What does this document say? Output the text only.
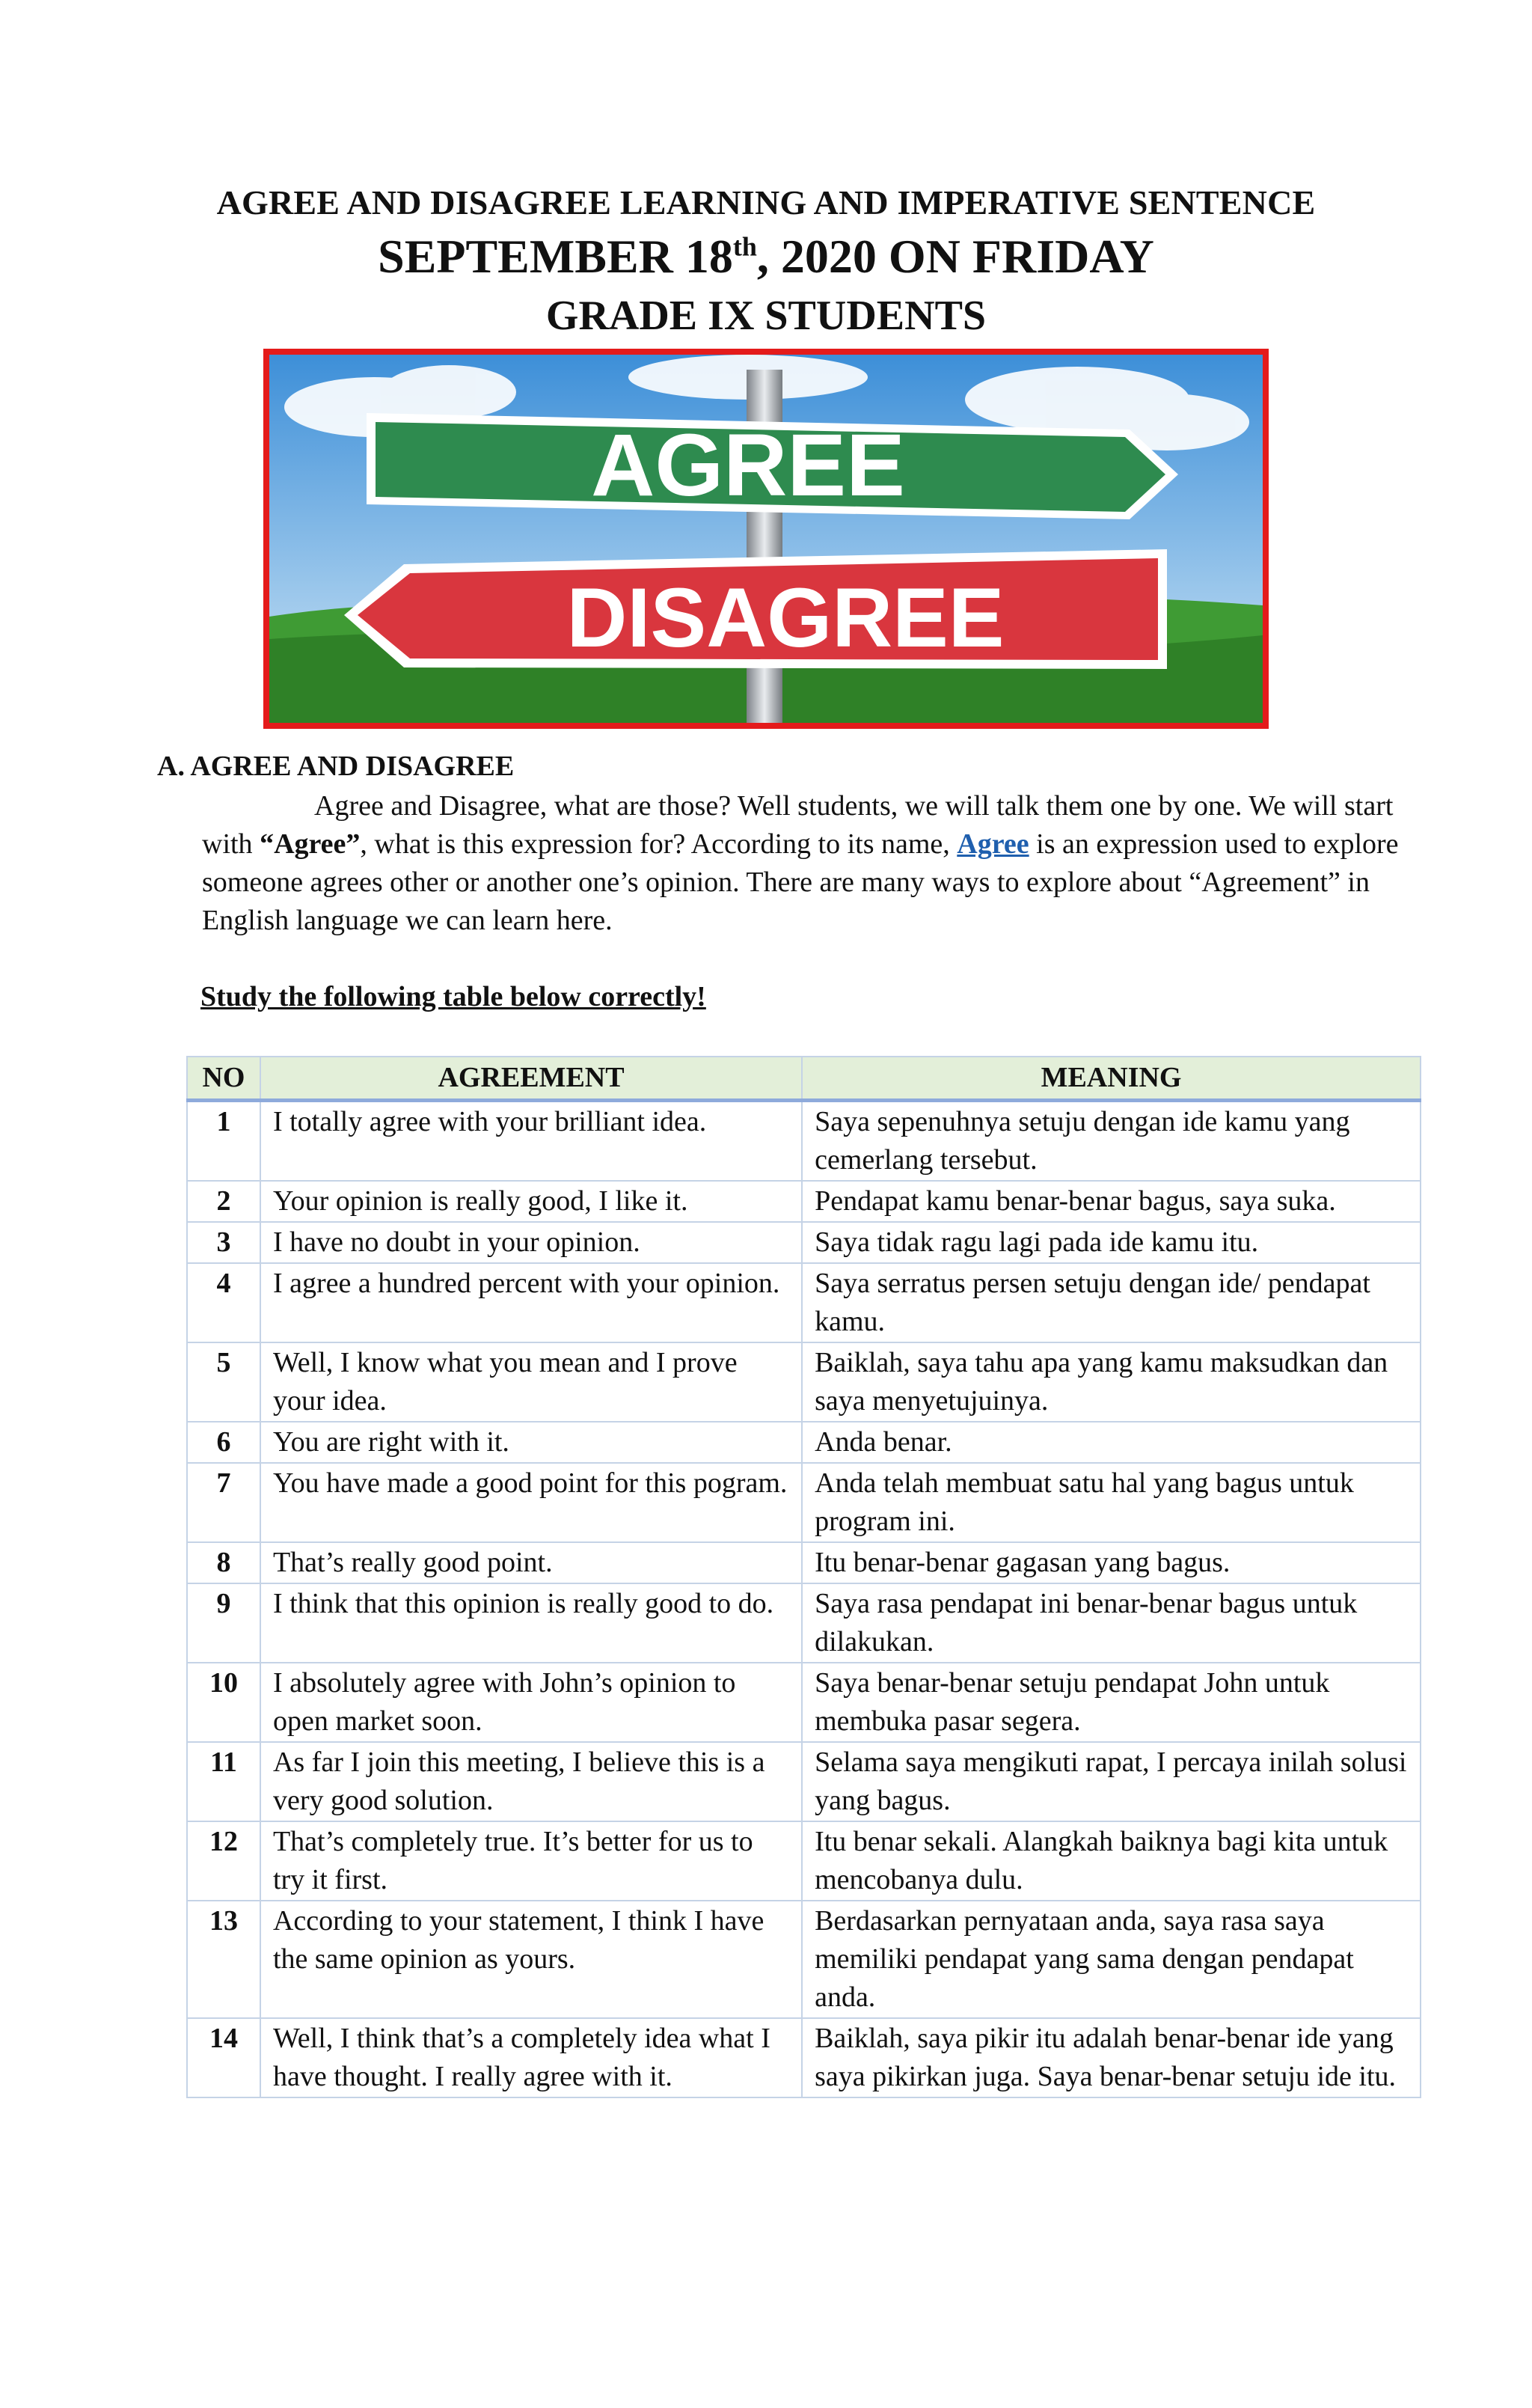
AGREE AND DISAGREE LEARNING AND IMPERATIVE SENTENCE
SEPTEMBER 18th, 2020 ON FRIDAY
GRADE IX STUDENTS
AGREE
DISAGREE
A. AGREE AND DISAGREE
Agree and Disagree, what are those? Well students, we will talk them one by one. We will start with “Agree”, what is this expression for? According to its name, Agree is an expression used to explore someone agrees other or another one’s opinion. There are many ways to explore about “Agreement” in English language we can learn here.
Study the following table below correctly!
NO	AGREEMENT	MEANING
1	I totally agree with your brilliant idea.	Saya sepenuhnya setuju dengan ide kamu yang cemerlang tersebut.
2	Your opinion is really good, I like it.	Pendapat kamu benar-benar bagus, saya suka.
3	I have no doubt in your opinion.	Saya tidak ragu lagi pada ide kamu itu.
4	I agree a hundred percent with your opinion.	Saya serratus persen setuju dengan ide/ pendapat kamu.
5	Well, I know what you mean and I prove your idea.	Baiklah, saya tahu apa yang kamu maksudkan dan saya menyetujuinya.
6	You are right with it.	Anda benar.
7	You have made a good point for this pogram.	Anda telah membuat satu hal yang bagus untuk program ini.
8	That’s really good point.	Itu benar-benar gagasan yang bagus.
9	I think that this opinion is really good to do.	Saya rasa pendapat ini benar-benar bagus untuk dilakukan.
10	I absolutely agree with John’s opinion to open market soon.	Saya benar-benar setuju pendapat John untuk membuka pasar segera.
11	As far I join this meeting, I believe this is a very good solution.	Selama saya mengikuti rapat, I percaya inilah solusi yang bagus.
12	That’s completely true. It’s better for us to try it first.	Itu benar sekali. Alangkah baiknya bagi kita untuk mencobanya dulu.
13	According to your statement, I think I have the same opinion as yours.	Berdasarkan pernyataan anda, saya rasa saya memiliki pendapat yang sama dengan pendapat anda.
14	Well, I think that’s a completely idea what I have thought. I really agree with it.	Baiklah, saya pikir itu adalah benar-benar ide yang saya pikirkan juga. Saya benar-benar setuju ide itu.
